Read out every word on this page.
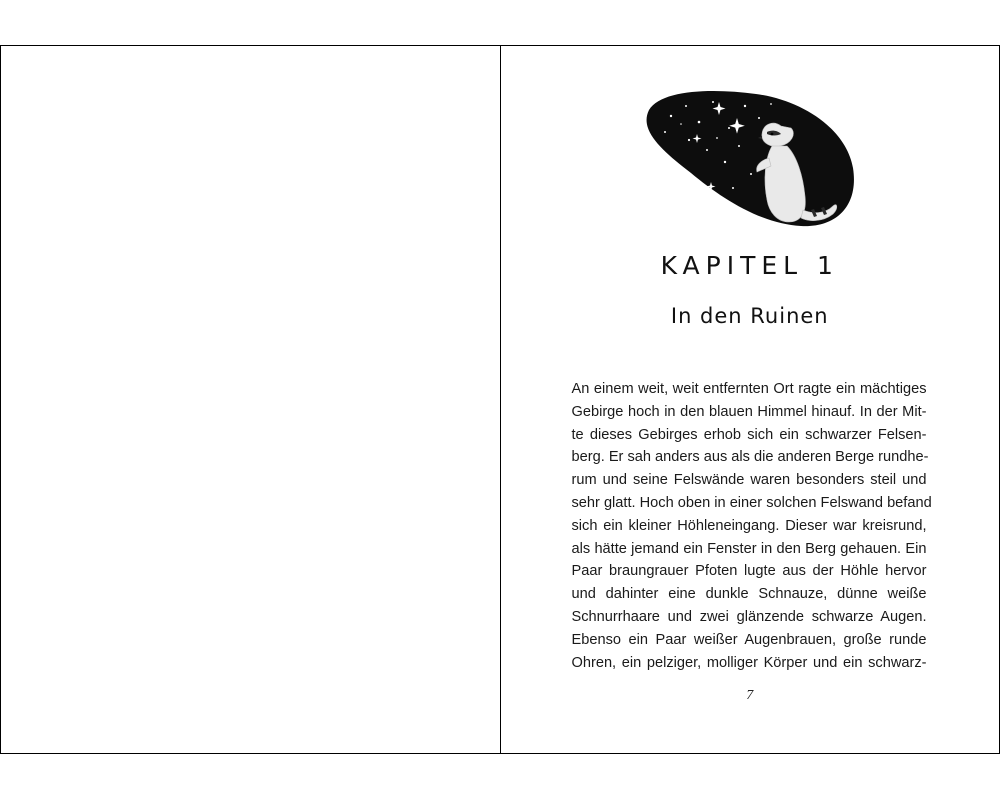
KAPITEL 1
In den Ruinen
An einem weit, weit entfernten Ort ragte ein mächtiges
Gebirge hoch in den blauen Himmel hinauf. In der Mit-
te dieses Gebirges erhob sich ein schwarzer Felsen-
berg. Er sah anders aus als die anderen Berge rundhe-
rum und seine Felswände waren besonders steil und
sehr glatt. Hoch oben in einer solchen Felswand befand
sich ein kleiner Höhleneingang. Dieser war kreisrund,
als hätte jemand ein Fenster in den Berg gehauen. Ein
Paar braungrauer Pfoten lugte aus der Höhle hervor
und dahinter eine dunkle Schnauze, dünne weiße
Schnurrhaare und zwei glänzende schwarze Augen.
Ebenso ein Paar weißer Augenbrauen, große runde
Ohren, ein pelziger, molliger Körper und ein schwarz-
7
